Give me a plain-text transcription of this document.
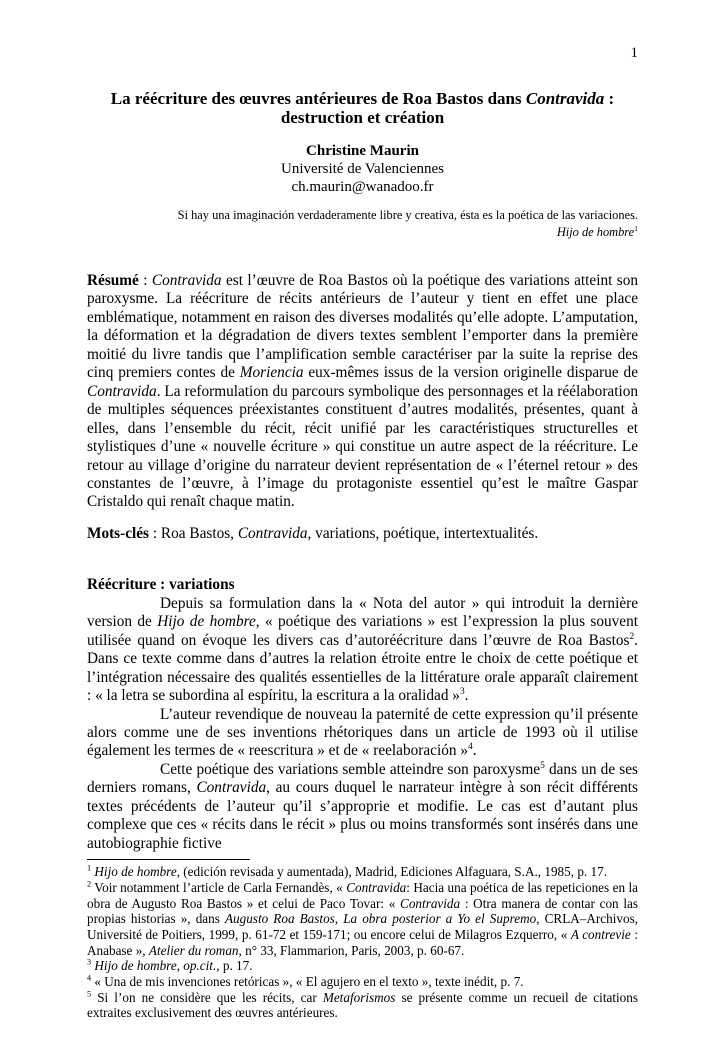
1
La réécriture des œuvres antérieures de Roa Bastos dans Contravida :
destruction et création
Christine Maurin
Université de Valenciennes
ch.maurin@wanadoo.fr
Si hay una imaginación verdaderamente libre y creativa, ésta es la poética de las variaciones.
Hijo de hombre$^1$
Résumé : Contravida est l’œuvre de Roa Bastos où la poétique des variations atteint son paroxysme. La réécriture de récits antérieurs de l’auteur y tient en effet une place emblématique, notamment en raison des diverses modalités qu’elle adopte. L’amputation, la déformation et la dégradation de divers textes semblent l’emporter dans la première moitié du livre tandis que l’amplification semble caractériser par la suite la reprise des cinq premiers contes de Moriencia eux-mêmes issus de la version originelle disparue de Contravida. La reformulation du parcours symbolique des personnages et la réélaboration de multiples séquences préexistantes constituent d’autres modalités, présentes, quant à elles, dans l’ensemble du récit, récit unifié par les caractéristiques structurelles et stylistiques d’une « nouvelle écriture » qui constitue un autre aspect de la réécriture. Le retour au village d’origine du narrateur devient représentation de « l’éternel retour » des constantes de l’œuvre, à l’image du protagoniste essentiel qu’est le maître Gaspar Cristaldo qui renaît chaque matin.
Mots-clés : Roa Bastos, Contravida, variations, poétique, intertextualités.
Réécriture : variations

Depuis sa formulation dans la « Nota del autor » qui introduit la dernière version de Hijo de hombre, « poétique des variations » est l’expression la plus souvent utilisée quand on évoque les divers cas d’autoréécriture dans l’œuvre de Roa Bastos$^2$. Dans ce texte comme dans d’autres la relation étroite entre le choix de cette poétique et l’intégration nécessaire des qualités essentielles de la littérature orale apparaît clairement : « la letra se subordina al espíritu, la escritura a la oralidad »$^3$.

L’auteur revendique de nouveau la paternité de cette expression qu’il présente alors comme une de ses inventions rhétoriques dans un article de 1993 où il utilise également les termes de « reescritura » et de « reelaboración »$^4$.

Cette poétique des variations semble atteindre son paroxysme$^5$ dans un de ses derniers romans, Contravida, au cours duquel le narrateur intègre à son récit différents textes précédents de l’auteur qu’il s’approprie et modifie. Le cas est d’autant plus complexe que ces « récits dans le récit » plus ou moins transformés sont insérés dans une autobiographie fictive

$^1$ Hijo de hombre, (edición revisada y aumentada), Madrid, Ediciones Alfaguara, S.A., 1985, p. 17.

$^2$ Voir notamment l’article de Carla Fernandès, « Contravida: Hacia una poética de las repeticiones en la obra de Augusto Roa Bastos » et celui de Paco Tovar: « Contravida : Otra manera de contar con las propias historias », dans Augusto Roa Bastos, La obra posterior a Yo el Supremo, CRLA–Archivos, Université de Poitiers, 1999, p. 61-72 et 159-171; ou encore celui de Milagros Ezquerro, « A contrevie : Anabase », Atelier du roman, n° 33, Flammarion, Paris, 2003, p. 60-67.

$^3$ Hijo de hombre, op.cit., p. 17.

$^4$ « Una de mis invenciones retóricas », « El agujero en el texto », texte inédit, p. 7.

$^5$ Si l’on ne considère que les récits, car Metaforismos se présente comme un recueil de citations extraites exclusivement des œuvres antérieures.
